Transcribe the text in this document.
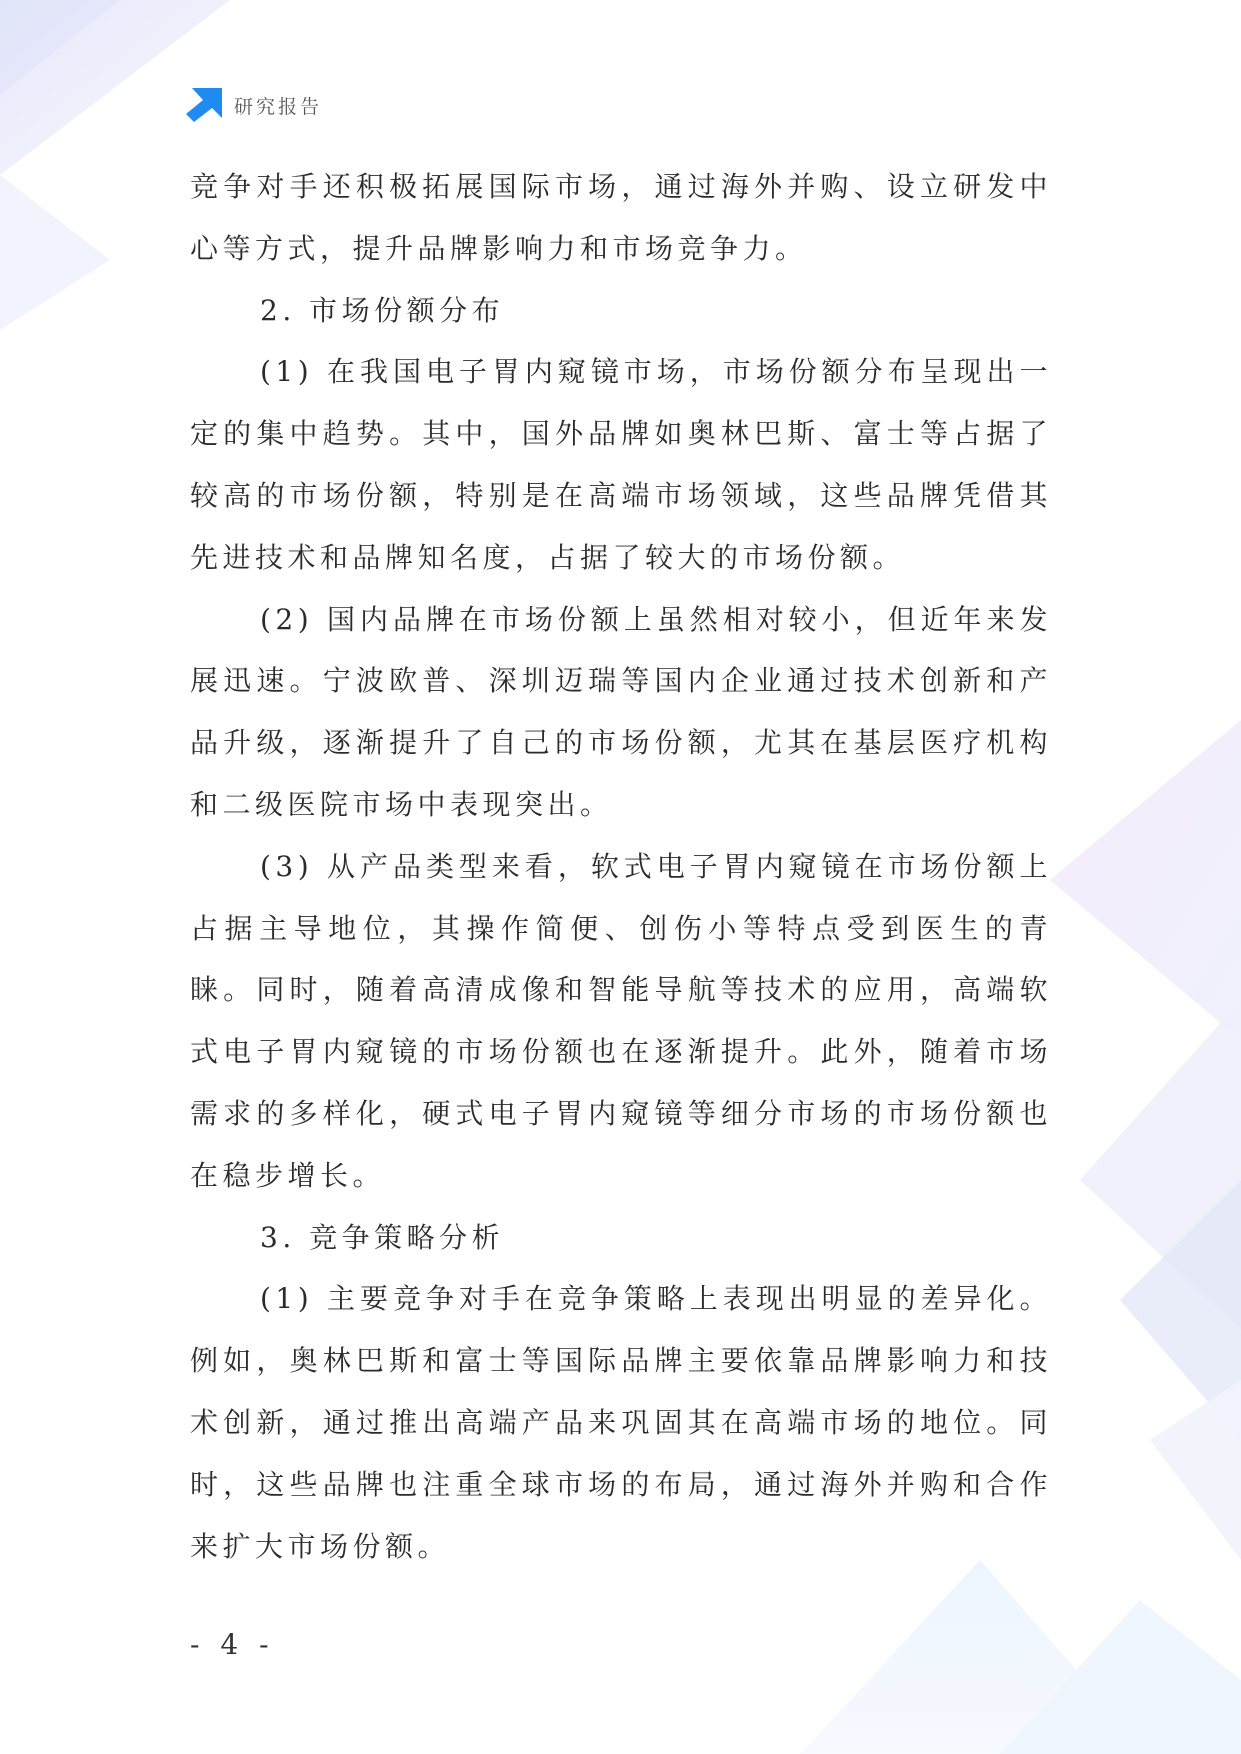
研究报告

竞争对手还积极拓展国际市场，通过海外并购、设立研发中心等方式，提升品牌影响力和市场竞争力。

2. 市场份额分布

(1) 在我国电子胃内窥镜市场，市场份额分布呈现出一定的集中趋势。其中，国外品牌如奥林巴斯、富士等占据了较高的市场份额，特别是在高端市场领域，这些品牌凭借其先进技术和品牌知名度，占据了较大的市场份额。

(2) 国内品牌在市场份额上虽然相对较小，但近年来发展迅速。宁波欧普、深圳迈瑞等国内企业通过技术创新和产品升级，逐渐提升了自己的市场份额，尤其在基层医疗机构和二级医院市场中表现突出。

(3) 从产品类型来看，软式电子胃内窥镜在市场份额上占据主导地位，其操作简便、创伤小等特点受到医生的青睐。同时，随着高清成像和智能导航等技术的应用，高端软式电子胃内窥镜的市场份额也在逐渐提升。此外，随着市场需求的多样化，硬式电子胃内窥镜等细分市场的市场份额也在稳步增长。

3. 竞争策略分析

(1) 主要竞争对手在竞争策略上表现出明显的差异化。例如，奥林巴斯和富士等国际品牌主要依靠品牌影响力和技术创新，通过推出高端产品来巩固其在高端市场的地位。同时，这些品牌也注重全球市场的布局，通过海外并购和合作来扩大市场份额。

- 4 -
